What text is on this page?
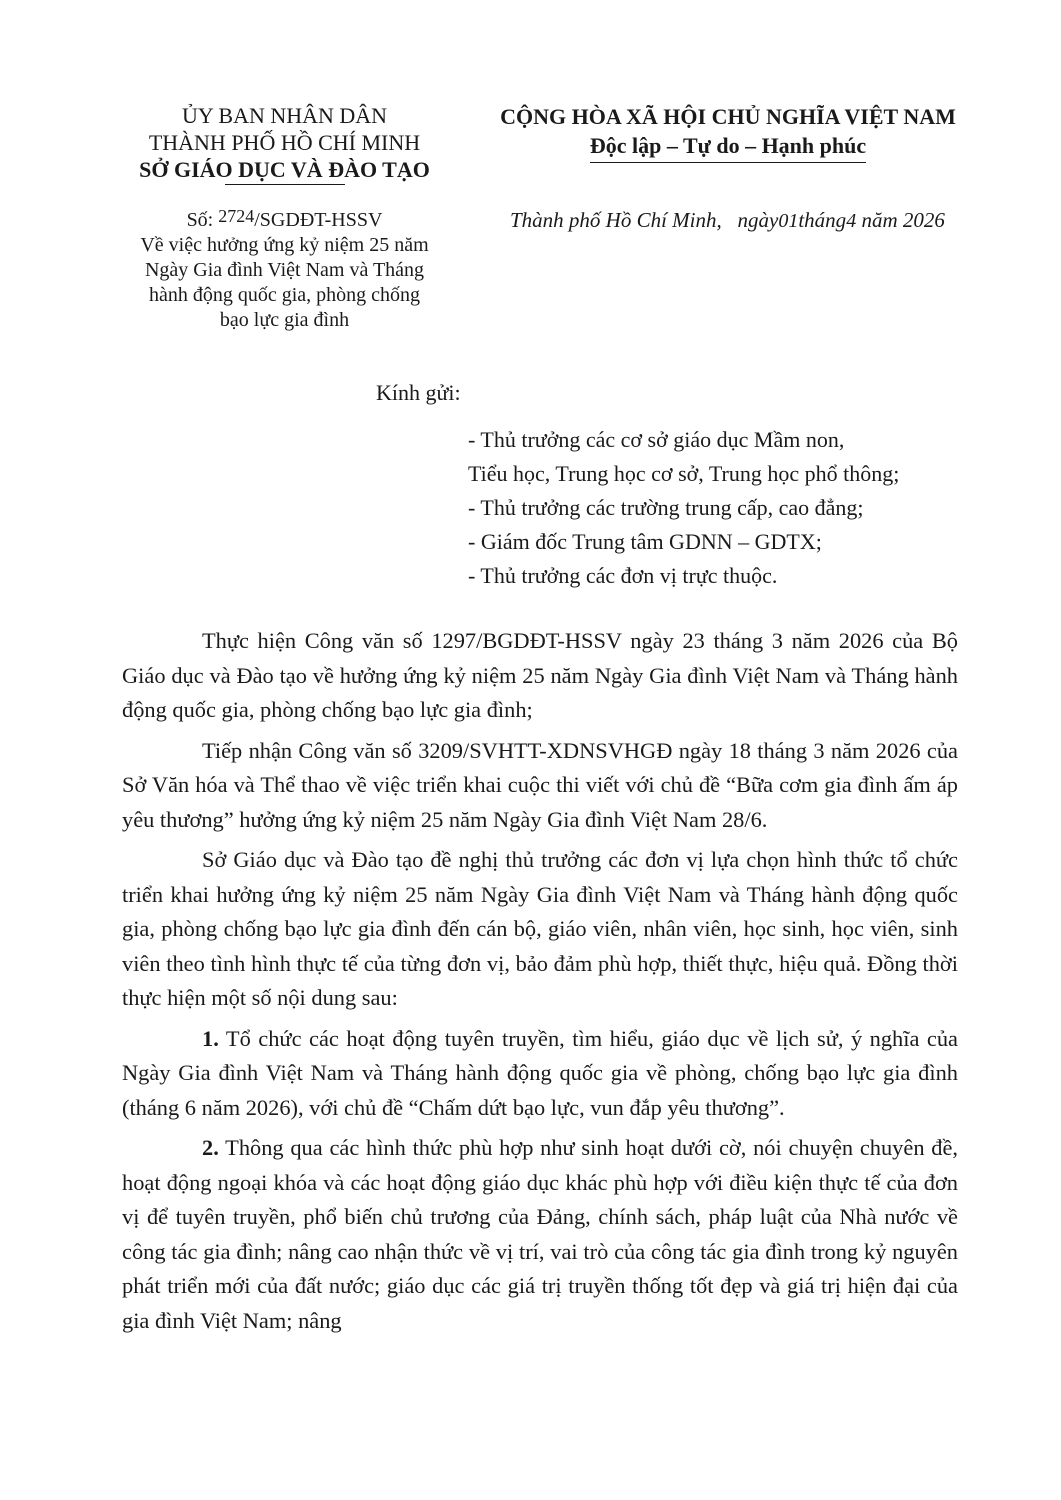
ỦY BAN NHÂN DÂN
THÀNH PHỐ HỒ CHÍ MINH
SỞ GIÁO DỤC VÀ ĐÀO TẠO
CỘNG HÒA XÃ HỘI CHỦ NGHĨA VIỆT NAM
Độc lập – Tự do – Hạnh phúc
Số: 2724/SGDĐT-HSSV
Về việc hưởng ứng kỷ niệm 25 năm
Ngày Gia đình Việt Nam và Tháng
hành động quốc gia, phòng chống
bạo lực gia đình
Thành phố Hồ Chí Minh, ngày01tháng4 năm 2026
Kính gửi:
- Thủ trưởng các cơ sở giáo dục Mầm non,
Tiểu học, Trung học cơ sở, Trung học phổ thông;
- Thủ trưởng các trường trung cấp, cao đẳng;
- Giám đốc Trung tâm GDNN – GDTX;
- Thủ trưởng các đơn vị trực thuộc.

Thực hiện Công văn số 1297/BGDĐT-HSSV ngày 23 tháng 3 năm 2026 của Bộ Giáo dục và Đào tạo về hưởng ứng kỷ niệm 25 năm Ngày Gia đình Việt Nam và Tháng hành động quốc gia, phòng chống bạo lực gia đình;

Tiếp nhận Công văn số 3209/SVHTT-XDNSVHGĐ ngày 18 tháng 3 năm 2026 của Sở Văn hóa và Thể thao về việc triển khai cuộc thi viết với chủ đề “Bữa cơm gia đình ấm áp yêu thương” hưởng ứng kỷ niệm 25 năm Ngày Gia đình Việt Nam 28/6.

Sở Giáo dục và Đào tạo đề nghị thủ trưởng các đơn vị lựa chọn hình thức tổ chức triển khai hưởng ứng kỷ niệm 25 năm Ngày Gia đình Việt Nam và Tháng hành động quốc gia, phòng chống bạo lực gia đình đến cán bộ, giáo viên, nhân viên, học sinh, học viên, sinh viên theo tình hình thực tế của từng đơn vị, bảo đảm phù hợp, thiết thực, hiệu quả. Đồng thời thực hiện một số nội dung sau:

1. Tổ chức các hoạt động tuyên truyền, tìm hiểu, giáo dục về lịch sử, ý nghĩa của Ngày Gia đình Việt Nam và Tháng hành động quốc gia về phòng, chống bạo lực gia đình (tháng 6 năm 2026), với chủ đề “Chấm dứt bạo lực, vun đắp yêu thương”.

2. Thông qua các hình thức phù hợp như sinh hoạt dưới cờ, nói chuyện chuyên đề, hoạt động ngoại khóa và các hoạt động giáo dục khác phù hợp với điều kiện thực tế của đơn vị để tuyên truyền, phổ biến chủ trương của Đảng, chính sách, pháp luật của Nhà nước về công tác gia đình; nâng cao nhận thức về vị trí, vai trò của công tác gia đình trong kỷ nguyên phát triển mới của đất nước; giáo dục các giá trị truyền thống tốt đẹp và giá trị hiện đại của gia đình Việt Nam; nâng
